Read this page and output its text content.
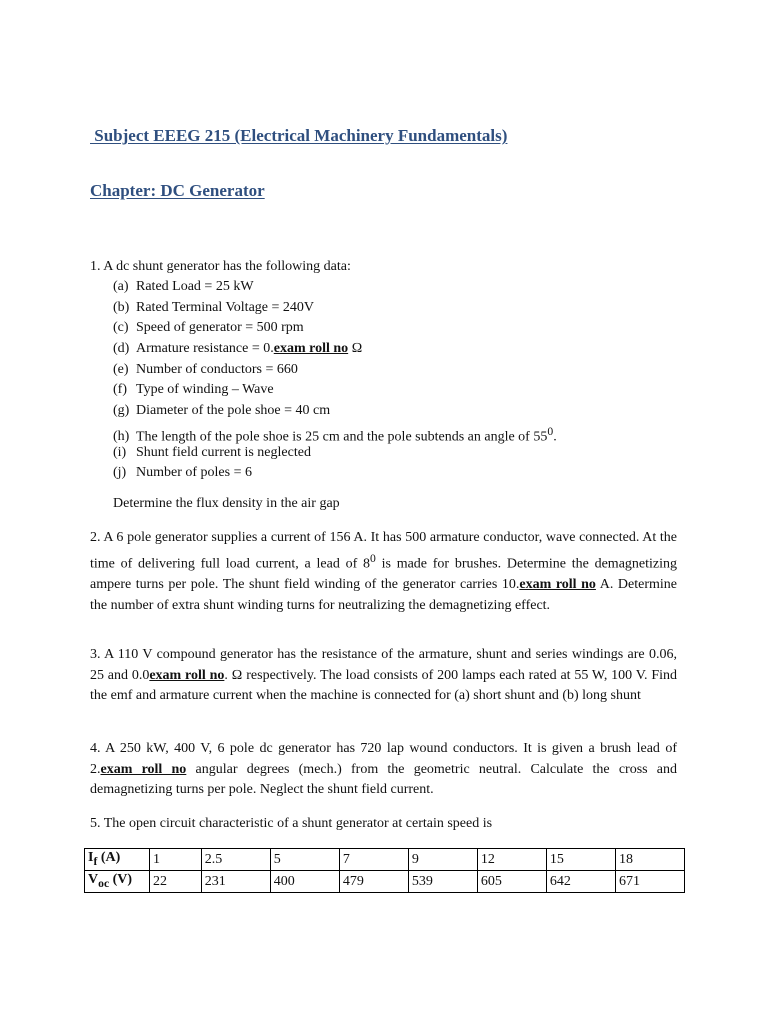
Subject EEEG 215 (Electrical Machinery Fundamentals)
Chapter: DC Generator
1. A dc shunt generator has the following data:
(a) Rated Load = 25 kW
(b) Rated Terminal Voltage = 240V
(c) Speed of generator = 500 rpm
(d) Armature resistance = 0.exam roll no Ω
(e) Number of conductors = 660
(f) Type of winding – Wave
(g) Diameter of the pole shoe = 40 cm
(h) The length of the pole shoe is 25 cm and the pole subtends an angle of $55^0$.
(i) Shunt field current is neglected
(j) Number of poles = 6
Determine the flux density in the air gap

2. A 6 pole generator supplies a current of 156 A. It has 500 armature conductor, wave connected. At the time of delivering full load current, a lead of $8^0$ is made for brushes. Determine the demagnetizing ampere turns per pole. The shunt field winding of the generator carries 10.exam roll no A. Determine the number of extra shunt winding turns for neutralizing the demagnetizing effect.

3. A 110 V compound generator has the resistance of the armature, shunt and series windings are 0.06, 25 and 0.0exam roll no. Ω respectively. The load consists of 200 lamps each rated at 55 W, 100 V. Find the emf and armature current when the machine is connected for (a) short shunt and (b) long shunt

4. A 250 kW, 400 V, 6 pole dc generator has 720 lap wound conductors. It is given a brush lead of 2.exam roll no angular degrees (mech.) from the geometric neutral. Calculate the cross and demagnetizing turns per pole. Neglect the shunt field current.

5. The open circuit characteristic of a shunt generator at certain speed is

$I_f$ (A)	1	2.5	5	7	9	12	15	18
$V_{oc}$ (V)	22	231	400	479	539	605	642	671
